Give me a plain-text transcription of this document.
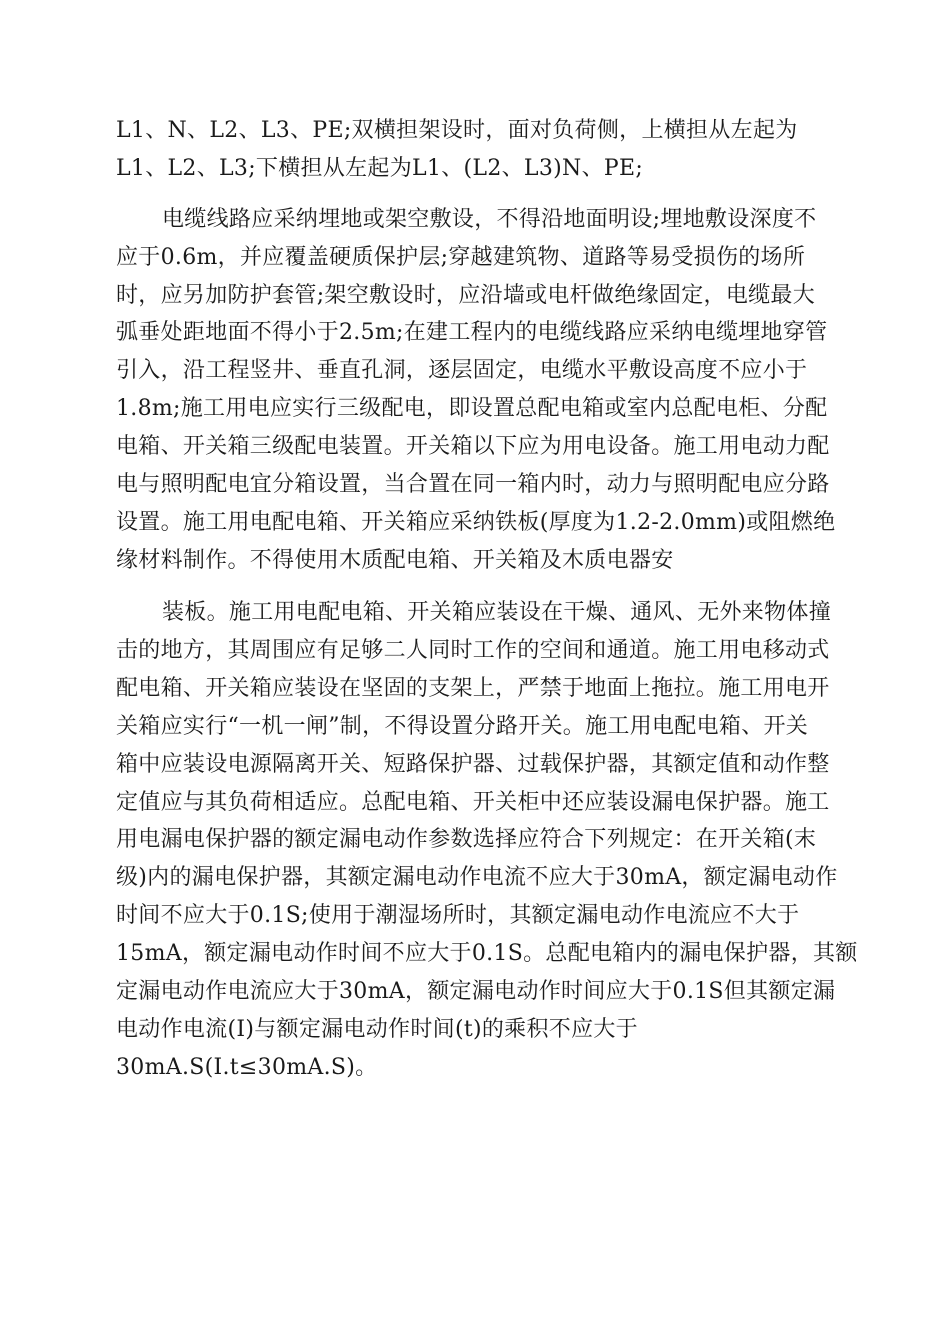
L1、N、L2、L3、PE;双横担架设时，面对负荷侧，上横担从左起为
L1、L2、L3;下横担从左起为L1、(L2、L3)N、PE;
电缆线路应采纳埋地或架空敷设，不得沿地面明设;埋地敷设深度不
应于0.6m，并应覆盖硬质保护层;穿越建筑物、道路等易受损伤的场所
时，应另加防护套管;架空敷设时，应沿墙或电杆做绝缘固定，电缆最大
弧垂处距地面不得小于2.5m;在建工程内的电缆线路应采纳电缆埋地穿管
引入，沿工程竖井、垂直孔洞，逐层固定，电缆水平敷设高度不应小于
1.8m;施工用电应实行三级配电，即设置总配电箱或室内总配电柜、分配
电箱、开关箱三级配电装置。开关箱以下应为用电设备。施工用电动力配
电与照明配电宜分箱设置，当合置在同一箱内时，动力与照明配电应分路
设置。施工用电配电箱、开关箱应采纳铁板(厚度为1.2-2.0mm)或阻燃绝
缘材料制作。不得使用木质配电箱、开关箱及木质电器安
装板。施工用电配电箱、开关箱应装设在干燥、通风、无外来物体撞
击的地方，其周围应有足够二人同时工作的空间和通道。施工用电移动式
配电箱、开关箱应装设在坚固的支架上，严禁于地面上拖拉。施工用电开
关箱应实行“一机一闸”制，不得设置分路开关。施工用电配电箱、开关
箱中应装设电源隔离开关、短路保护器、过载保护器，其额定值和动作整
定值应与其负荷相适应。总配电箱、开关柜中还应装设漏电保护器。施工
用电漏电保护器的额定漏电动作参数选择应符合下列规定：在开关箱(末
级)内的漏电保护器，其额定漏电动作电流不应大于30mA，额定漏电动作
时间不应大于0.1S;使用于潮湿场所时，其额定漏电动作电流应不大于
15mA，额定漏电动作时间不应大于0.1S。总配电箱内的漏电保护器，其额
定漏电动作电流应大于30mA，额定漏电动作时间应大于0.1S但其额定漏
电动作电流(I)与额定漏电动作时间(t)的乘积不应大于
30mA.S(I.t≤30mA.S)。
